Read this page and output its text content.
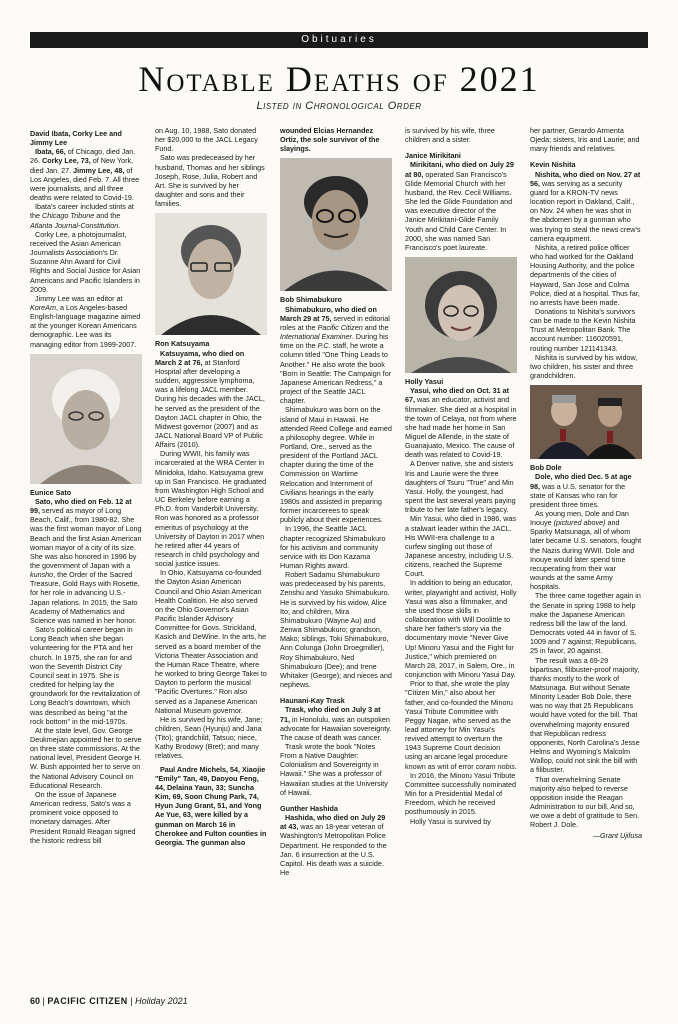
Obituaries
Notable Deaths of 2021
Listed in Chronological Order

David Ibata, Corky Lee and Jimmy Lee

Ibata, 66, of Chicago, died Jan. 26. Corky Lee, 73, of New York, died Jan. 27. Jimmy Lee, 48, of Los Angeles, died Feb. 7. All three were journalists, and all three deaths were related to Covid-19.

Ibata's career included stints at the Chicago Tribune and the Atlanta Journal-Constitution.

Corky Lee, a photojournalist, received the Asian American Journalists Association's Dr. Suzanne Ahn Award for Civil Rights and Social Justice for Asian Americans and Pacific Islanders in 2009.

Jimmy Lee was an editor at KoreAm, a Los Angeles-based English-language magazine aimed at the younger Korean Americans demographic. Lee was its managing editor from 1999-2007.

Eunice Sato

Sato, who died on Feb. 12 at 99, served as mayor of Long Beach, Calif., from 1980-82. She was the first woman mayor of Long Beach and the first Asian American woman mayor of a city of its size. She was also honored in 1996 by the government of Japan with a kunsho, the Order of the Sacred Treasure, Gold Rays with Rosette, for her role in advancing U.S.-Japan relations. In 2015, the Sato Academy of Mathematics and Science was named in her honor.

Sato's political career began in Long Beach when she began volunteering for the PTA and her church. In 1975, she ran for and won the Seventh District City Council seat in 1975. She is credited for helping lay the groundwork for the revitalization of Long Beach's downtown, which was described as being "at the rock bottom" in the mid-1970s.

At the state level, Gov. George Deukmejian appointed her to serve on three state commissions. At the national level, President George H. W. Bush appointed her to serve on the National Advisory Council on Educational Research.

On the issue of Japanese American redress, Sato's was a prominent voice opposed to monetary damages. After President Ronald Reagan signed the historic redress bill

on Aug. 10, 1988, Sato donated her $20,000 to the JACL Legacy Fund.

Sato was predeceased by her husband, Thomas and her siblings Joseph, Rose, Julia, Robert and Art. She is survived by her daughter and sons and their families.

Ron Katsuyama

Katsuyama, who died on March 2 at 76, at Stanford Hospital after developing a sudden, aggressive lymphoma, was a lifelong JACL member. During his decades with the JACL, he served as the president of the Dayton JACL chapter in Ohio, the Midwest governor (2007) and as JACL National Board VP of Public Affairs (2010).

During WWII, his family was incarcerated at the WRA Center in Minidoka, Idaho. Katsuyama grew up in San Francisco. He graduated from Washington High School and UC Berkeley before earning a Ph.D. from Vanderbilt University. Ron was honored as a professor emeritus of psychology at the University of Dayton in 2017 when he retired after 44 years of research in child psychology and social justice issues.

In Ohio, Katsuyama co-founded the Dayton Asian American Council and Ohio Asian American Health Coalition. He also served on the Ohio Governor's Asian Pacific Islander Advisory Committee for Govs. Strickland, Kasich and DeWine. In the arts, he served as a board member of the Victoria Theater Association and the Human Race Theatre, where he worked to bring George Takei to Dayton to perform the musical "Pacific Overtures." Ron also served as a Japanese American National Museum governor.

He is survived by his wife, Jane; children, Sean (Hyunju) and Jana (Tito); grandchild, Tatsuo; niece, Kathy Brodowy (Bret); and many relatives.

Paul Andre Michels, 54, Xiaojie "Emily" Tan, 49, Daoyou Feng, 44, Delaina Yaun, 33; Suncha Kim, 69, Soon Chung Park, 74, Hyun Jung Grant, 51, and Yong Ae Yue, 63, were killed by a gunman on March 16 in Cherokee and Fulton counties in Georgia. The gunman also

wounded Elcias Hernandez Ortiz, the sole survivor of the slayings.

Bob Shimabukuro

Shimabukuro, who died on March 29 at 75, served in editorial roles at the Pacific Citizen and the International Examiner. During his time on the P.C. staff, he wrote a column titled "One Thing Leads to Another." He also wrote the book "Born in Seattle: The Campaign for Japanese American Redress," a project of the Seattle JACL chapter.

Shimabukuro was born on the island of Maui in Hawaii. He attended Reed College and earned a philosophy degree. While in Portland, Ore., served as the president of the Portland JACL chapter during the time of the Commission on Wartime Relocation and Internment of Civilians hearings in the early 1980s and assisted in preparing former incarcerees to speak publicly about their experiences.

In 1996, the Seattle JACL chapter recognized Shimabukuro for his activism and community service with its Don Kazama Human Rights award.

Robert Sadamu Shimabukuro was predeceased by his parents, Zenshu and Yasuko Shimabukuro. He is survived by his widow, Alice Ito; and children, Mira Shimabukuro (Wayne Au) and Zenwa Shimabukuro; grandson, Mako; siblings, Toki Shimabukuro, Ann Colunga (John Droegmiller), Roy Shimabukuro, Ned Shimabukuro (Dee); and Irene Whitaker (George); and nieces and nephews.

Haunani-Kay Trask

Trask, who died on July 3 at 71, in Honolulu, was an outspoken advocate for Hawaiian sovereignty. The cause of death was cancer.

Trask wrote the book "Notes From a Native Daughter: Colonialism and Sovereignty in Hawaii." She was a professor of Hawaiian studies at the University of Hawaii.

Gunther Hashida

Hashida, who died on July 29 at 43, was an 18-year veteran of Washington's Metropolitan Police Department. He responded to the Jan. 6 insurrection at the U.S. Capitol. His death was a suicide. He

is survived by his wife, three children and a sister.

Janice Mirikitani

Mirikitani, who died on July 29 at 80, operated San Francisco's Glide Memorial Church with her husband, the Rev. Cecil Williams. She led the Glide Foundation and was executive director of the Janice Mirikitani-Glide Family Youth and Child Care Center. In 2000, she was named San Francisco's poet laureate.

Holly Yasui

Yasui, who died on Oct. 31 at 67, was an educator, activist and filmmaker. She died at a hospital in the town of Celaya, not from where she had made her home in San Miguel de Allende, in the state of Guanajuato, Mexico. The cause of death was related to Covid-19.

A Denver native, she and sisters Iris and Laurie were the three daughters of Tsuru "True" and Min Yasui. Holly, the youngest, had spent the last several years paying tribute to her late father's legacy.

Min Yasui, who died in 1986, was a stalwart leader within the JACL. His WWII-era challenge to a curfew singling out those of Japanese ancestry, including U.S. citizens, reached the Supreme Court.

In addition to being an educator, writer, playwright and activist, Holly Yasui was also a filmmaker, and she used those skills in collaboration with Will Doolittle to share her father's story via the documentary movie "Never Give Up! Minoru Yasui and the Fight for Justice," which premiered on March 28, 2017, in Salem, Ore., in conjunction with Minoru Yasui Day.

Prior to that, she wrote the play "Citizen Min," also about her father, and co-founded the Minoru Yasui Tribute Committee with Peggy Nagae, who served as the lead attorney for Min Yasui's revived attempt to overturn the 1943 Supreme Court decision using an arcane legal procedure known as writ of error coram nobis.

In 2016, the Minoru Yasui Tribute Committee successfully nominated Min for a Presidential Medal of Freedom, which he received posthumously in 2015.

Holly Yasui is survived by

her partner, Gerardo Armenta Ojeda; sisters, Iris and Laurie; and many friends and relatives.

Kevin Nishita

Nishita, who died on Nov. 27 at 56, was serving as a security guard for a KRON-TV news location report in Oakland, Calif., on Nov. 24 when he was shot in the abdomen by a gunman who was trying to steal the news crew's camera equipment.

Nishita, a retired police officer who had worked for the Oakland Housing Authority, and the police departments of the cities of Hayward, San Jose and Colma Police, died at a hospital. Thus far, no arrests have been made.

Donations to Nishita's survivors can be made to the Kevin Nishita Trust at Metropolitan Bank. The account number: 116020591, routing number 121141343.

Nishita is survived by his widow, two children, his sister and three grandchildren.

Bob Dole

Dole, who died Dec. 5 at age 98, was a U.S. senator for the state of Kansas who ran for president three times.

As young men, Dole and Dan Inouye (pictured above) and Sparky Matsunaga, all of whom later became U.S. senators, fought the Nazis during WWII. Dole and Inouye would later spend time recuperating from their war wounds at the same Army hospitals.

The three came together again in the Senate in spring 1988 to help make the Japanese American redress bill the law of the land. Democrats voted 44 in favor of S. 1009 and 7 against; Republicans, 25 in favor, 20 against.

The result was a 69-29 bipartisan, filibuster-proof majority, thanks mostly to the work of Matsunaga. But without Senate Minority Leader Bob Dole, there was no way that 25 Republicans would have voted for the bill. That overwhelming majority ensured that Republican redress opponents, North Carolina's Jesse Helms and Wyoming's Malcolm Wallop, could not sink the bill with a filibuster.

That overwhelming Senate majority also helped to reverse opposition inside the Reagan Administration to our bill. And so, we owe a debt of gratitude to Sen. Robert J. Dole.

—Grant Ujifusa
60 | PACIFIC CITIZEN | Holiday 2021
